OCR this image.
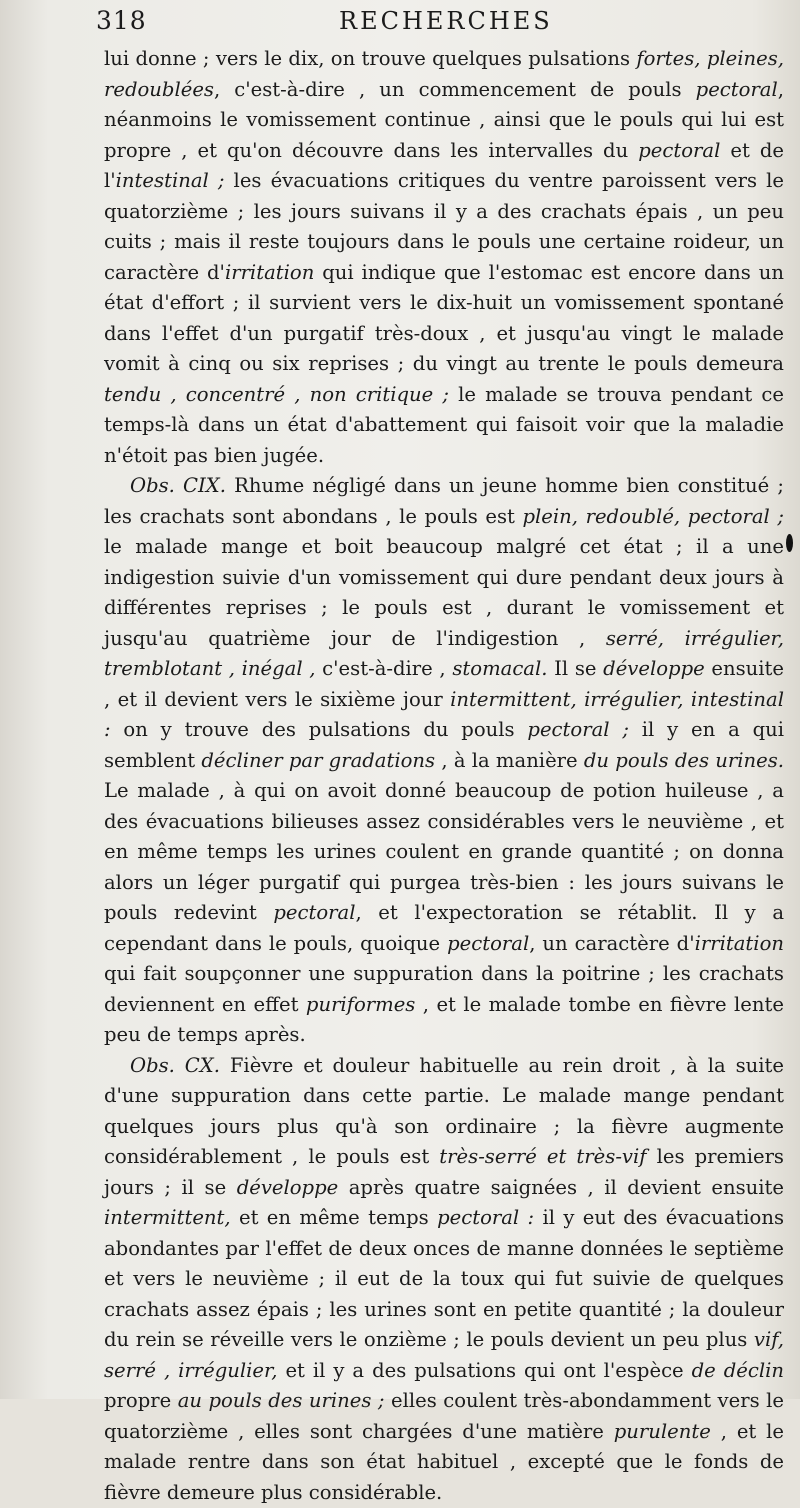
318	RECHERCHES

lui donne ; vers le dix, on trouve quelques pulsations fortes, pleines, redoublées, c'est-à-dire , un commencement de pouls pectoral, néanmoins le vomissement continue , ainsi que le pouls qui lui est propre , et qu'on découvre dans les intervalles du pectoral et de l'intestinal ; les évacuations critiques du ventre paroissent vers le quatorzième ; les jours suivans il y a des crachats épais , un peu cuits ; mais il reste toujours dans le pouls une certaine roideur, un caractère d'irritation qui indique que l'estomac est encore dans un état d'effort ; il survient vers le dix-huit un vomissement spontané dans l'effet d'un purgatif très-doux , et jusqu'au vingt le malade vomit à cinq ou six reprises ; du vingt au trente le pouls demeura tendu , concentré , non critique ; le malade se trouva pendant ce temps-là dans un état d'abattement qui faisoit voir que la maladie n'étoit pas bien jugée.

Obs. CIX. Rhume négligé dans un jeune homme bien constitué ; les crachats sont abondans , le pouls est plein, redoublé, pectoral ; le malade mange et boit beaucoup malgré cet état ; il a une indigestion suivie d'un vomissement qui dure pendant deux jours à différentes reprises ; le pouls est , durant le vomissement et jusqu'au quatrième jour de l'indigestion , serré, irrégulier, tremblotant , inégal , c'est-à-dire , stomacal. Il se développe ensuite , et il devient vers le sixième jour intermittent, irrégulier, intestinal : on y trouve des pulsations du pouls pectoral ; il y en a qui semblent décliner par gradations , à la manière du pouls des urines. Le malade , à qui on avoit donné beaucoup de potion huileuse , a des évacuations bilieuses assez considérables vers le neuvième , et en même temps les urines coulent en grande quantité ; on donna alors un léger purgatif qui purgea très-bien : les jours suivans le pouls redevint pectoral, et l'expectoration se rétablit. Il y a cependant dans le pouls, quoique pectoral, un caractère d'irritation qui fait soupçonner une suppuration dans la poitrine ; les crachats deviennent en effet puriformes , et le malade tombe en fièvre lente peu de temps après.

Obs. CX. Fièvre et douleur habituelle au rein droit , à la suite d'une suppuration dans cette partie. Le malade mange pendant quelques jours plus qu'à son ordinaire ; la fièvre augmente considérablement , le pouls est très-serré et très-vif les premiers jours ; il se développe après quatre saignées , il devient ensuite intermittent, et en même temps pectoral : il y eut des évacuations abondantes par l'effet de deux onces de manne données le septième et vers le neuvième ; il eut de la toux qui fut suivie de quelques crachats assez épais ; les urines sont en petite quantité ; la douleur du rein se réveille vers le onzième ; le pouls devient un peu plus vif, serré , irrégulier, et il y a des pulsations qui ont l'espèce de déclin propre au pouls des urines ; elles coulent très-abondamment vers le quatorzième , elles sont chargées d'une matière purulente , et le malade rentre dans son état habituel , excepté que le fonds de fièvre demeure plus considérable.
